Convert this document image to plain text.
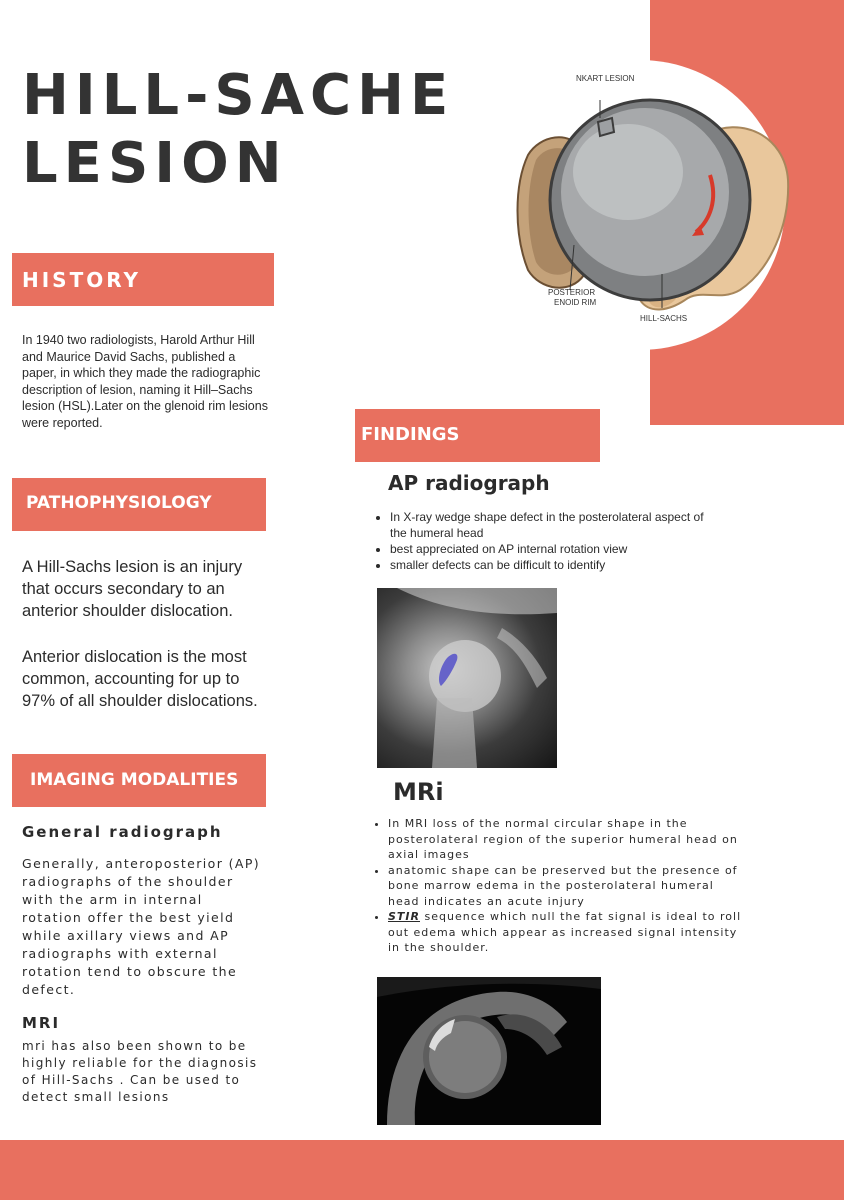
HILL-SACHE
LESION
NKART LESION
POSTERIOR
ENOID RIM
HILL-SACHS
HISTORY
In 1940 two radiologists, Harold Arthur Hill and Maurice David Sachs, published a paper, in which they made the radiographic description of lesion, naming it Hill–Sachs lesion (HSL).Later on the glenoid rim lesions were reported.
PATHOPHYSIOLOGY
A Hill-Sachs lesion is an injury that occurs secondary to an anterior shoulder dislocation.
Anterior dislocation is the most common, accounting for up to 97% of all shoulder dislocations.
IMAGING MODALITIES
General radiograph
Generally, anteroposterior (AP) radiographs of the shoulder with the arm in internal rotation offer the best yield while axillary views and AP radiographs with external rotation tend to obscure the defect.
MRI
mri has also been shown to be highly reliable for the diagnosis of Hill-Sachs . Can be used to detect small lesions
FINDINGS
AP radiograph
• In X-ray wedge shape defect in the posterolateral aspect of the humeral head
• best appreciated on AP internal rotation view
• smaller defects can be difficult to identify
MRi
• In MRI loss of the normal circular shape in the posterolateral region of the superior humeral head on axial images
• anatomic shape can be preserved but the presence of bone marrow edema in the posterolateral humeral head indicates an acute injury
• STIR sequence which null the fat signal is ideal to roll out edema which appear as increased signal intensity in the shoulder.
